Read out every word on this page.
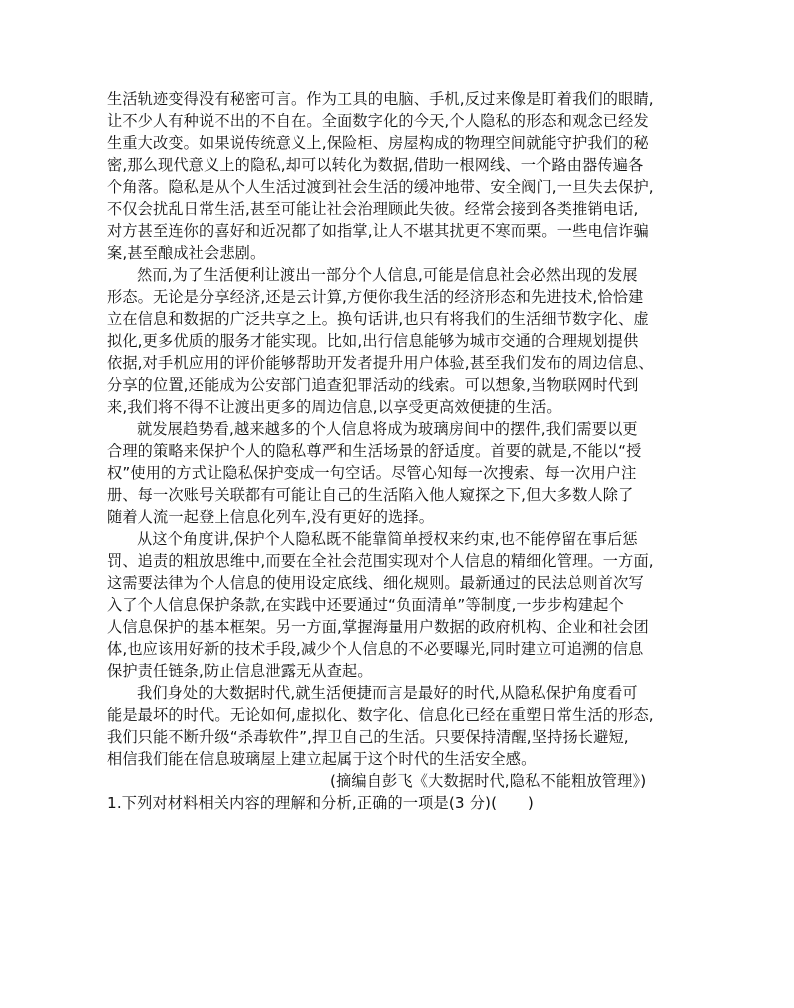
生活轨迹变得没有秘密可言。作为工具的电脑、手机,反过来像是盯着我们的眼睛,
让不少人有种说不出的不自在。全面数字化的今天,个人隐私的形态和观念已经发
生重大改变。如果说传统意义上,保险柜、房屋构成的物理空间就能守护我们的秘
密,那么现代意义上的隐私,却可以转化为数据,借助一根网线、一个路由器传遍各
个角落。隐私是从个人生活过渡到社会生活的缓冲地带、安全阀门,一旦失去保护,
不仅会扰乱日常生活,甚至可能让社会治理顾此失彼。经常会接到各类推销电话,
对方甚至连你的喜好和近况都了如指掌,让人不堪其扰更不寒而栗。一些电信诈骗
案,甚至酿成社会悲剧。
然而,为了生活便利让渡出一部分个人信息,可能是信息社会必然出现的发展
形态。无论是分享经济,还是云计算,方便你我生活的经济形态和先进技术,恰恰建
立在信息和数据的广泛共享之上。换句话讲,也只有将我们的生活细节数字化、虚
拟化,更多优质的服务才能实现。比如,出行信息能够为城市交通的合理规划提供
依据,对手机应用的评价能够帮助开发者提升用户体验,甚至我们发布的周边信息、
分享的位置,还能成为公安部门追查犯罪活动的线索。可以想象,当物联网时代到
来,我们将不得不让渡出更多的周边信息,以享受更高效便捷的生活。
就发展趋势看,越来越多的个人信息将成为玻璃房间中的摆件,我们需要以更
合理的策略来保护个人的隐私尊严和生活场景的舒适度。首要的就是,不能以“授
权”使用的方式让隐私保护变成一句空话。尽管心知每一次搜索、每一次用户注
册、每一次账号关联都有可能让自己的生活陷入他人窥探之下,但大多数人除了
随着人流一起登上信息化列车,没有更好的选择。
从这个角度讲,保护个人隐私既不能靠简单授权来约束,也不能停留在事后惩
罚、追责的粗放思维中,而要在全社会范围实现对个人信息的精细化管理。一方面,
这需要法律为个人信息的使用设定底线、细化规则。最新通过的民法总则首次写
入了个人信息保护条款,在实践中还要通过“负面清单”等制度,一步步构建起个
人信息保护的基本框架。另一方面,掌握海量用户数据的政府机构、企业和社会团
体,也应该用好新的技术手段,减少个人信息的不必要曝光,同时建立可追溯的信息
保护责任链条,防止信息泄露无从查起。
我们身处的大数据时代,就生活便捷而言是最好的时代,从隐私保护角度看可
能是最坏的时代。无论如何,虚拟化、数字化、信息化已经在重塑日常生活的形态,
我们只能不断升级“杀毒软件”,捍卫自己的生活。只要保持清醒,坚持扬长避短,
相信我们能在信息玻璃屋上建立起属于这个时代的生活安全感。
(摘编自彭飞《大数据时代,隐私不能粗放管理》)
1.下列对材料相关内容的理解和分析,正确的一项是(3 分)(　　)
